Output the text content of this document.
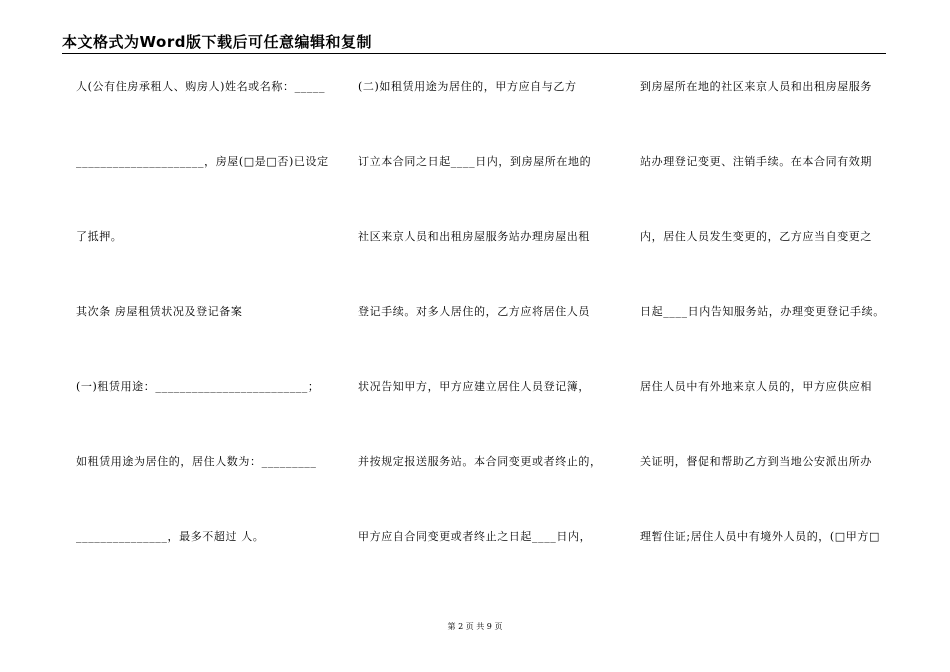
本文格式为Word版下载后可任意编辑和复制
人(公有住房承租人、购房人)姓名或名称：_____
_____________________，房屋(□是□否)已设定
了抵押。
其次条 房屋租赁状况及登记备案
(一)租赁用途：_________________________；
如租赁用途为居住的，居住人数为：_________
_______________，最多不超过 人。
(二)如租赁用途为居住的，甲方应自与乙方
订立本合同之日起____日内，到房屋所在地的
社区来京人员和出租房屋服务站办理房屋出租
登记手续。对多人居住的，乙方应将居住人员
状况告知甲方，甲方应建立居住人员登记簿，
并按规定报送服务站。本合同变更或者终止的，
甲方应自合同变更或者终止之日起____日内，
到房屋所在地的社区来京人员和出租房屋服务
站办理登记变更、注销手续。在本合同有效期
内，居住人员发生变更的，乙方应当自变更之
日起____日内告知服务站，办理变更登记手续。
居住人员中有外地来京人员的，甲方应供应相
关证明，督促和帮助乙方到当地公安派出所办
理暂住证;居住人员中有境外人员的，(□甲方□
第 2 页 共 9 页
